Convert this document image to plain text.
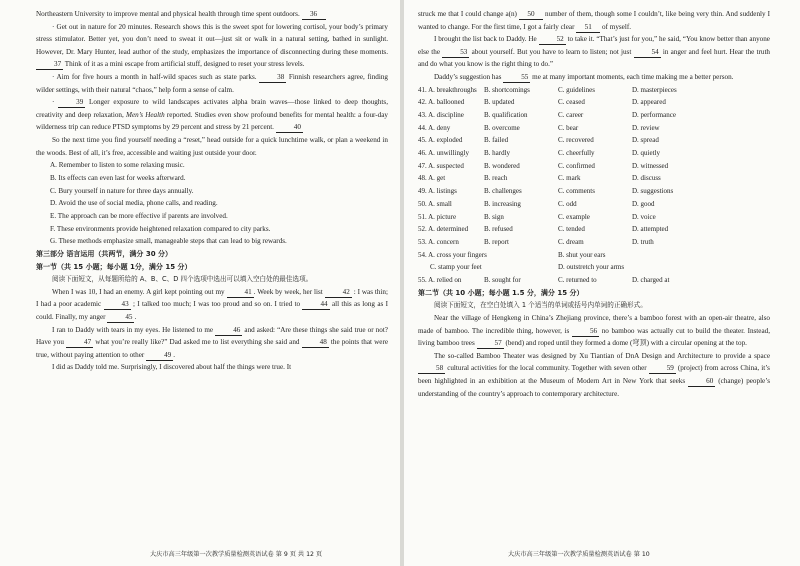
Northeastern University to improve mental and physical health through time spent outdoors. 36

· Get out in nature for 20 minutes. Research shows this is the sweet spot for lowering cortisol, your body’s primary stress stimulator. Better yet, you don’t need to sweat it out—just sit or walk in a natural setting, bathed in sunlight. However, Dr. Mary Hunter, lead author of the study, emphasizes the importance of disconnecting during these moments. 37 Think of it as a mini escape from artificial stuff, designed to reset your stress levels.

· Aim for five hours a month in half-wild spaces such as state parks.	38 Finnish researchers agree, finding wilder settings, with their natural “chaos,” help form a sense of calm.

·	39 Longer exposure to wild landscapes activates alpha brain waves—those linked to deep thoughts, creativity and deep relaxation, Men’s Health reported. Studies even show profound benefits for mental health: a four-day wilderness trip can reduce PTSD symptoms by 29 percent and stress by 21 percent.	40

So the next time you find yourself needing a “reset,” head outside for a quick lunchtime walk, or plan a weekend in the woods. Best of all, it’s free, accessible and waiting just outside your door.

A. Remember to listen to some relaxing music.

B. Its effects can even last for weeks afterward.

C. Bury yourself in nature for three days annually.

D. Avoid the use of social media, phone calls, and reading.

E. The approach can be more effective if parents are involved.

F. These environments provide heightened relaxation compared to city parks.

G. These methods emphasize small, manageable steps that can lead to big rewards.

第三部分 语言运用（共两节，满分 30 分）

第一节（共 15 小题；每小题 1分，满分 15 分）

阅读下面短文，从每题所给的 A、B、C、D 四个选项中选出可以填入空白处的最佳选项。

When I was 10, I had an enemy. A girl kept pointing out my	41 . Week by week, her list	42 : I was thin; I had a poor academic	43 ; I talked too much; I was too proud and so on. I tried to	44 all this as long as I could. Finally, my anger	45 .

I ran to Daddy with tears in my eyes. He listened to me	46 and asked: “Are these things she said true or not? Have you	47 what you’re really like?” Dad asked me to list everything she said and	48 the points that were true, without paying attention to other	49 .

I did as Daddy told me. Surprisingly, I discovered about half the things were true. It

大庆市高三年级第一次教学质量检测英语试卷 第 9 页 共 12 页

struck me that I could change a(n) 50 number of them, though some I couldn’t, like being very thin. And suddenly I wanted to change. For the first time, I got a fairly clear 51 of myself.

I brought the list back to Daddy. He	52 to take it. “That’s just for you,” he said, “You know better than anyone else the	53 about yourself. But you have to learn to listen; not just	54 in anger and feel hurt. Hear the truth and do what you know is the right thing to do.”

Daddy’s suggestion has	55 me at many important moments, each time making me a better person.

41. A. breakthroughs	B. shortcomings	C. guidelines	D. masterpieces
42. A. ballooned	B. updated	C. ceased	D. appeared
43. A. discipline	B. qualification	C. career	D. performance
44. A. deny	B. overcome	C. bear	D. review
45. A. exploded	B. failed	C. recovered	D. spread
46. A. unwillingly	B. hardly	C. cheerfully	D. quietly
47. A. suspected	B. wondered	C. confirmed	D. witnessed
48. A. get	B. reach	C. mark	D. discuss
49. A. listings	B. challenges	C. comments	D. suggestions
50. A. small	B. increasing	C. odd	D. good
51. A. picture	B. sign	C. example	D. voice
52. A. determined	B. refused	C. tended	D. attempted
53. A. concern	B. report	C. dream	D. truth
54. A. cross your fingers	B. shut your ears
C. stamp your feet	D. outstretch your arms
55. A. relied on	B. sought for	C. returned to	D. charged at

第二节（共 10 小题；每小题 1.5 分，满分 15 分）

阅读下面短文，在空白处填入 1 个适当的单词或括号内单词的正确形式。

Near the village of Hengkeng in China’s Zhejiang province, there’s a bamboo forest with an open-air theatre, also made of bamboo. The incredible thing, however, is	56 no bamboo was actually cut to build the theater. Instead, living bamboo trees	57 (bend) and roped until they formed a dome (穹顶) with a circular opening at the top.

The so-called Bamboo Theater was designed by Xu Tiantian of DnA Design and Architecture to provide a space 58 cultural activities for the local community. Together with seven other	59 (project) from across China, it’s been highlighted in an exhibition at the Museum of Modern Art in New York that seeks	60 (change) people’s understanding of the country’s approach to contemporary architecture.

大庆市高三年级第一次教学质量检测英语试卷 第 10
